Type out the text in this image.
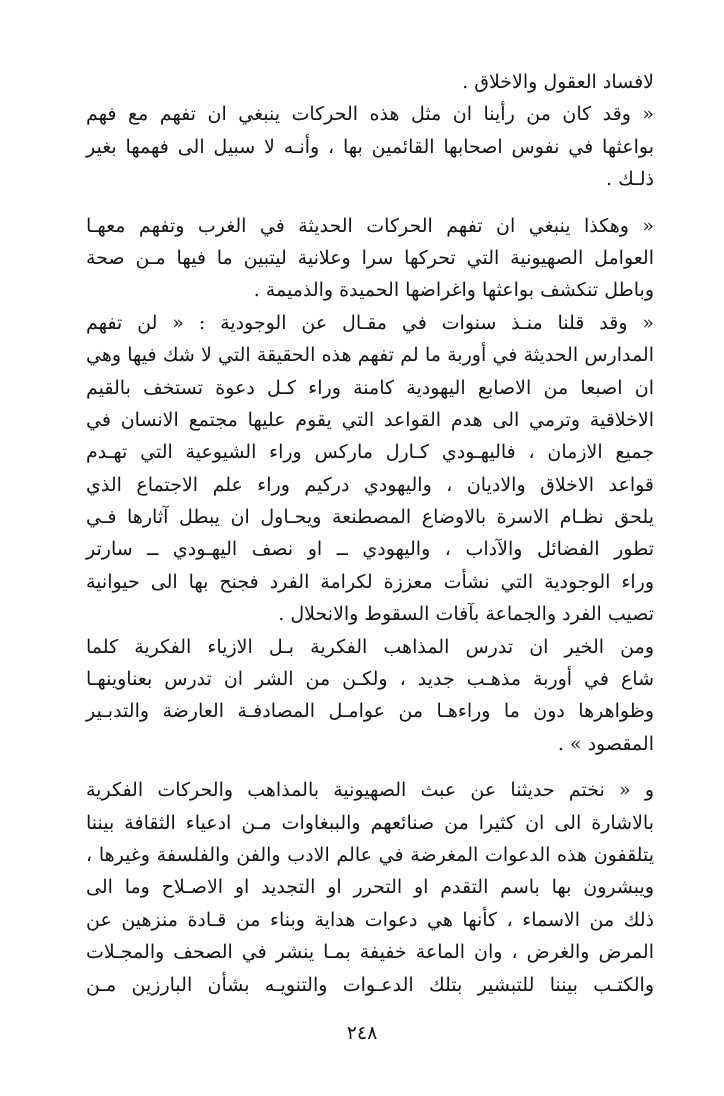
لافساد العقول والاخلاق .
« وقد كان من رأينا ان مثل هذه الحركات ينبغي ان تفهم مع فهم
بواعثها في نفوس اصحابها القائمين بها ، وأنـه لا سبيل الى فهمها بغير
ذلـك .
« وهكذا ينبغي ان تفهم الحركات الحديثة في الغرب وتفهم معهـا
العوامل الصهيونية التي تحركها سرا وعلانية ليتبين ما فيها مـن صحة
وباطل تنكشف بواعثها واغراضها الحميدة والذميمة .
« وقد قلنا منـذ سنوات في مقـال عن الوجودية : « لن تفهم
المدارس الحديثة في أوربة ما لم تفهم هذه الحقيقة التي لا شك فيها وهي
ان اصبعا من الاصابع اليهودية كامنة وراء كـل دعوة تستخف بالقيم
الاخلاقية وترمي الى هدم القواعد التي يقوم عليها مجتمع الانسان في
جميع الازمان ، فاليهـودي كـارل ماركس وراء الشيوعية التي تهـدم
قواعد الاخلاق والاديان ، واليهودي دركيم وراء علم الاجتماع الذي
يلحق نظـام الاسرة بالاوضاع المصطنعة ويحـاول ان يبطل آثارها فـي
تطور الفضائل والآداب ، واليهودي ــ او نصف اليهـودي ــ سارتر
وراء الوجودية التي نشأت معززة لكرامة الفرد فجنح بها الى حيوانية
تصيب الفرد والجماعة بآفات السقوط والانحلال .
ومن الخير ان تدرس المذاهب الفكرية بـل الازياء الفكرية كلما
شاع في أوربة مذهـب جديد ، ولكـن من الشر ان تدرس بعناوينهـا
وظواهرها دون ما وراءهـا من عوامـل المصادفـة العارضة والتدبـير
المقصود » .
و « نختم حديثنا عن عبث الصهيونية بالمذاهب والحركات الفكرية
بالاشارة الى ان كثيرا من صنائعهم والببغاوات مـن ادعياء الثقافة بيننا
يتلقفون هذه الدعوات المغرضة في عالم الادب والفن والفلسفة وغيرها ،
ويبشرون بها باسم التقدم او التحرر او التجديد او الاصـلاح وما الى
ذلك من الاسماء ، كأنها هي دعوات هداية وبناء من قـادة منزهين عن
المرض والغرض ، وان الماعة خفيفة بمـا ينشر في الصحف والمجـلات
والكتـب بيننا للتبشير بتلك الدعـوات والتنويـه بشأن البارزين مـن
٢٤٨
